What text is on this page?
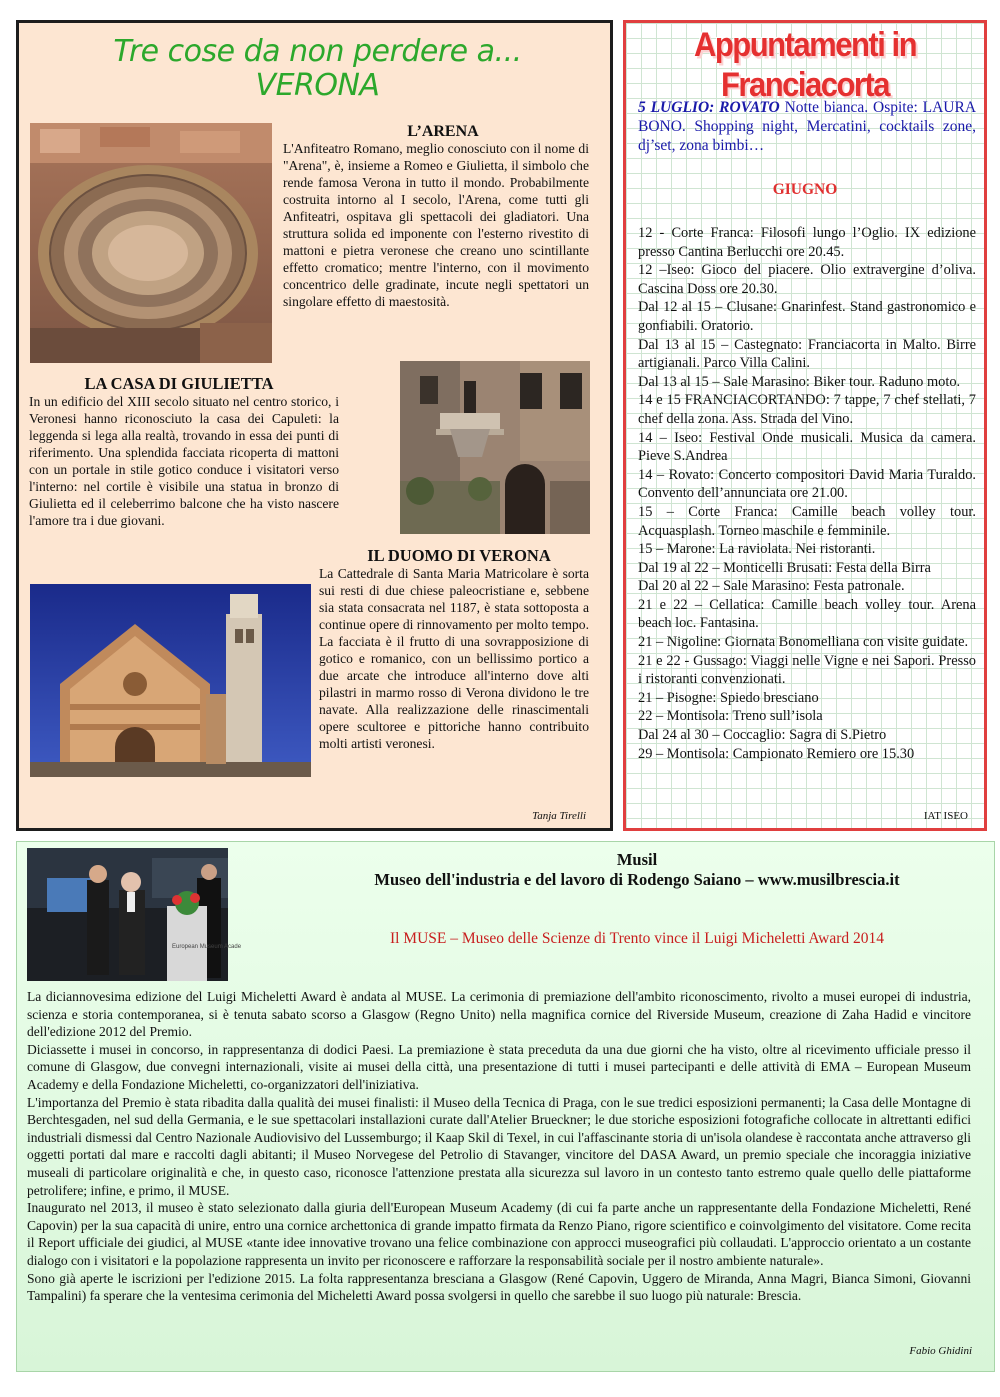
Tre cose da non perdere a...
VERONA
L’ARENA
L'Anfiteatro Romano, meglio conosciuto con il nome di "Arena", è, insieme a Romeo e Giulietta, il simbolo che rende famosa Verona in tutto il mondo. Probabilmente costruita intorno al I secolo, l'Arena, come tutti gli Anfiteatri, ospitava gli spettacoli dei gladiatori. Una struttura solida ed imponente con l'esterno rivestito di mattoni e pietra veronese che creano uno scintillante effetto cromatico; mentre l'interno, con il movimento concentrico delle gradinate, incute negli spettatori un singolare effetto di maestosità.
LA CASA DI GIULIETTA
In un edificio del XIII secolo situato nel centro storico, i Veronesi hanno riconosciuto la casa dei Capuleti: la leggenda si lega alla realtà, trovando in essa dei punti di riferimento. Una splendida facciata ricoperta di mattoni con un portale in stile gotico conduce i visitatori verso l'interno: nel cortile è visibile una statua in bronzo di Giulietta ed il celeberrimo balcone che ha visto nascere l'amore tra i due giovani.
IL DUOMO DI VERONA
La Cattedrale di Santa Maria Matricolare è sorta sui resti di due chiese paleocristiane e, sebbene sia stata consacrata nel 1187, è stata sottoposta a continue opere di rinnovamento per molto tempo. La facciata è il frutto di una sovrapposizione di gotico e romanico, con un bellissimo portico a due arcate che introduce all'interno dove alti pilastri in marmo rosso di Verona dividono le tre navate. Alla realizzazione delle rinascimentali opere scultoree e pittoriche hanno contribuito molti artisti veronesi.
Tanja Tirelli
Appuntamenti in Franciacorta
5 LUGLIO: ROVATO Notte bianca. Ospite: LAURA BONO. Shopping night, Mercatini, cocktails zone, dj’set, zona bimbi…
GIUGNO
12 - Corte Franca: Filosofi lungo l’Oglio. IX edizione presso Cantina Berlucchi ore 20.45.
12 –Iseo: Gioco del piacere. Olio extravergine d’oliva. Cascina Doss ore 20.30.
Dal 12 al 15 – Clusane: Gnarinfest. Stand gastronomico e gonfiabili. Oratorio.
Dal 13 al 15 – Castegnato: Franciacorta in Malto. Birre artigianali. Parco Villa Calini.
Dal 13 al 15 – Sale Marasino: Biker tour. Raduno moto.
14 e 15 FRANCIACORTANDO: 7 tappe, 7 chef stellati, 7 chef della zona. Ass. Strada del Vino.
14 – Iseo: Festival Onde musicali. Musica da camera. Pieve S.Andrea
14 – Rovato: Concerto compositori David Maria Turaldo. Convento dell’annunciata ore 21.00.
15 – Corte Franca: Camille beach volley tour. Acquasplash. Torneo maschile e femminile.
15 – Marone: La raviolata. Nei ristoranti.
Dal 19 al 22 – Monticelli Brusati: Festa della Birra
Dal 20 al 22 – Sale Marasino: Festa patronale.
21 e 22 – Cellatica: Camille beach volley tour. Arena beach loc. Fantasina.
21 – Nigoline: Giornata Bonomelliana con visite guidate.
21 e 22 - Gussago: Viaggi nelle Vigne e nei Sapori. Presso i ristoranti convenzionati.
21 – Pisogne: Spiedo bresciano
22 – Montisola: Treno sull’isola
Dal 24 al 30 – Coccaglio: Sagra di S.Pietro
29 – Montisola: Campionato Remiero ore 15.30
IAT ISEO
European Museum Acade
Musil
Museo dell'industria e del lavoro di Rodengo Saiano – www.musilbrescia.it
Il MUSE – Museo delle Scienze di Trento vince il Luigi Micheletti Award 2014

La diciannovesima edizione del Luigi Micheletti Award è andata al MUSE. La cerimonia di premiazione dell'ambito riconoscimento, rivolto a musei europei di industria, scienza e storia contemporanea, si è tenuta sabato scorso a Glasgow (Regno Unito) nella magnifica cornice del Riverside Museum, creazione di Zaha Hadid e vincitore dell'edizione 2012 del Premio.

Diciassette i musei in concorso, in rappresentanza di dodici Paesi. La premiazione è stata preceduta da una due giorni che ha visto, oltre al ricevimento ufficiale presso il comune di Glasgow, due convegni internazionali, visite ai musei della città, una presentazione di tutti i musei partecipanti e delle attività di EMA – European Museum Academy e della Fondazione Micheletti, co-organizzatori dell'iniziativa.

L'importanza del Premio è stata ribadita dalla qualità dei musei finalisti: il Museo della Tecnica di Praga, con le sue tredici esposizioni permanenti; la Casa delle Montagne di Berchtesgaden, nel sud della Germania, e le sue spettacolari installazioni curate dall'Atelier Brueckner; le due storiche esposizioni fotografiche collocate in altrettanti edifici industriali dismessi dal Centro Nazionale Audiovisivo del Lussemburgo; il Kaap Skil di Texel, in cui l'affascinante storia di un'isola olandese è raccontata anche attraverso gli oggetti portati dal mare e raccolti dagli abitanti; il Museo Norvegese del Petrolio di Stavanger, vincitore del DASA Award, un premio speciale che incoraggia iniziative museali di particolare originalità e che, in questo caso, riconosce l'attenzione prestata alla sicurezza sul lavoro in un contesto tanto estremo quale quello delle piattaforme petrolifere; infine, e primo, il MUSE.

Inaugurato nel 2013, il museo è stato selezionato dalla giuria dell'European Museum Academy (di cui fa parte anche un rappresentante della Fondazione Micheletti, René Capovin) per la sua capacità di unire, entro una cornice archettonica di grande impatto firmata da Renzo Piano, rigore scientifico e coinvolgimento del visitatore. Come recita il Report ufficiale dei giudici, al MUSE «tante idee innovative trovano una felice combinazione con approcci museografici più collaudati. L'approccio orientato a un costante dialogo con i visitatori e la popolazione rappresenta un invito per riconoscere e rafforzare la responsabilità sociale per il nostro ambiente naturale».

Sono già aperte le iscrizioni per l'edizione 2015. La folta rappresentanza bresciana a Glasgow (René Capovin, Uggero de Miranda, Anna Magri, Bianca Simoni, Giovanni Tampalini) fa sperare che la ventesima cerimonia del Micheletti Award possa svolgersi in quello che sarebbe il suo luogo più naturale: Brescia.

Fabio Ghidini
